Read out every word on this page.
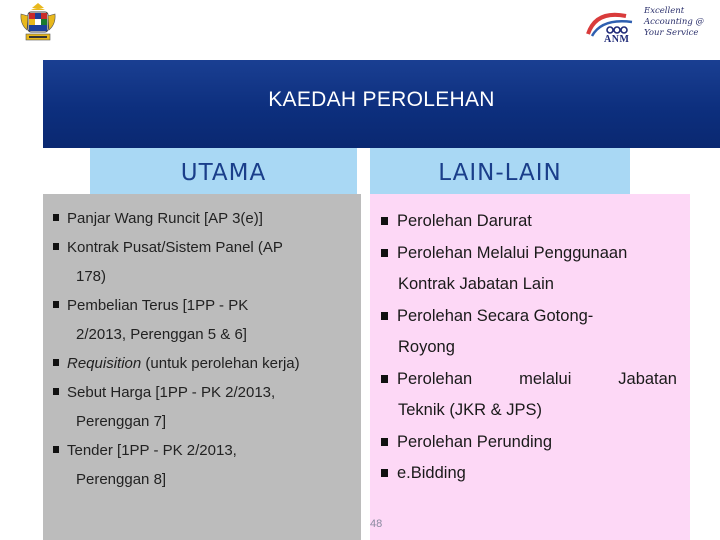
ANM
Excellent
Accounting @
Your Service
KAEDAH PEROLEHAN
UTAMA	LAIN-LAIN
Panjar Wang Runcit [AP 3(e)]
Kontrak Pusat/Sistem Panel (AP
178)
Pembelian Terus [1PP - PK
2/2013, Perenggan 5 & 6]
Requisition (untuk perolehan kerja)
Sebut Harga [1PP - PK 2/2013,
Perenggan 7]
Tender [1PP - PK 2/2013,
Perenggan 8]
Perolehan Darurat
Perolehan Melalui Penggunaan
Kontrak Jabatan Lain
Perolehan Secara Gotong-
Royong
Perolehan	melalui	Jabatan
Teknik (JKR & JPS)
Perolehan Perunding
e.Bidding
48
